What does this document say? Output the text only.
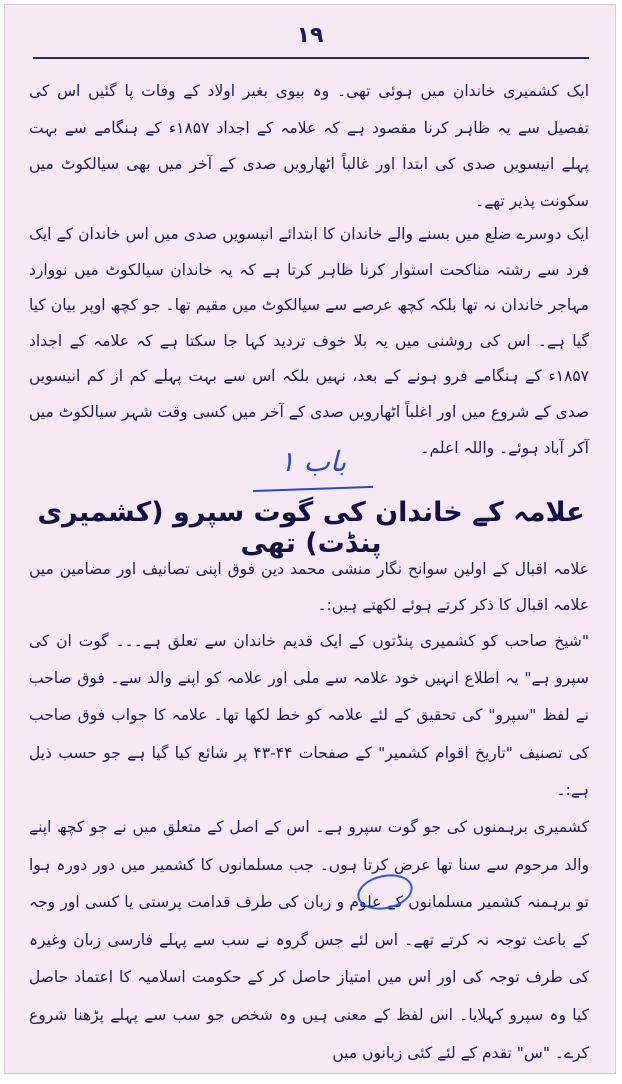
۱۹
ایک کشمیری خاندان میں ہوئی تھی۔ وہ بیوی بغیر اولاد کے وفات پا گئیں اس کی تفصیل سے یہ ظاہر کرنا مقصود ہے کہ علامہ کے اجداد ۱۸۵۷ء کے ہنگامے سے بہت پہلے انیسویں صدی کی ابتدا اور غالباً اٹھارویں صدی کے آخر میں بھی سیالکوٹ میں سکونت پذیر تھے۔
ایک دوسرے ضلع میں بسنے والے خاندان کا ابتدائے انیسویں صدی میں اس خاندان کے ایک فرد سے رشتہ مناکحت استوار کرنا ظاہر کرتا ہے کہ یہ خاندان سیالکوٹ میں نووارد مہاجر خاندان نہ تھا بلکہ کچھ عرصے سے سیالکوٹ میں مقیم تھا۔ جو کچھ اوپر بیان کیا گیا ہے۔ اس کی روشنی میں یہ بلا خوف تردید کہا جا سکتا ہے کہ علامہ کے اجداد ۱۸۵۷ء کے ہنگامے فرو ہونے کے بعد، نہیں بلکہ اس سے بہت پہلے کم از کم انیسویں صدی کے شروع میں اور اغلباً اٹھارویں صدی کے آخر میں کسی وقت شہر سیالکوٹ میں آکر آباد ہوئے۔ واللہ اعلم۔
باب ۱
علامہ کے خاندان کی گوت سپرو (کشمیری پنڈت) تھی
علامہ اقبال کے اولین سوانح نگار منشی محمد دین فوق اپنی تصانیف اور مضامین میں علامہ اقبال کا ذکر کرتے ہوئے لکھتے ہیں:۔
"شیخ صاحب کو کشمیری پنڈتوں کے ایک قدیم خاندان سے تعلق ہے۔۔۔ گوت ان کی سپرو ہے" یہ اطلاع انہیں خود علامہ سے ملی اور علامہ کو اپنے والد سے۔ فوق صاحب نے لفظ "سپرو" کی تحقیق کے لئے علامہ کو خط لکھا تھا۔ علامہ کا جواب فوق صاحب کی تصنیف "تاریخ اقوام کشمیر" کے صفحات ۴۴-۴۳ پر شائع کیا گیا ہے جو حسب ذیل ہے:۔
کشمیری برہمنوں کی جو گوت سپرو ہے۔ اس کے اصل کے متعلق میں نے جو کچھ اپنے والد مرحوم سے سنا تھا عرض کرتا ہوں۔ جب مسلمانوں کا کشمیر میں دور دورہ ہوا تو برہمنہ کشمیر مسلمانوں کے علوم و زبان کی طرف قدامت پرستی یا کسی اور وجہ کے باعث توجہ نہ کرتے تھے۔ اس لئے جس گروہ نے سب سے پہلے فارسی زبان وغیرہ کی طرف توجہ کی اور اس میں امتیاز حاصل کر کے حکومت اسلامیہ کا اعتماد حاصل کیا وہ سپرو کہلایا۔ اس لفظ کے معنی ہیں وہ شخص جو سب سے پہلے پڑھنا شروع کرے۔ "س" تقدم کے لئے کئی زبانوں میں
